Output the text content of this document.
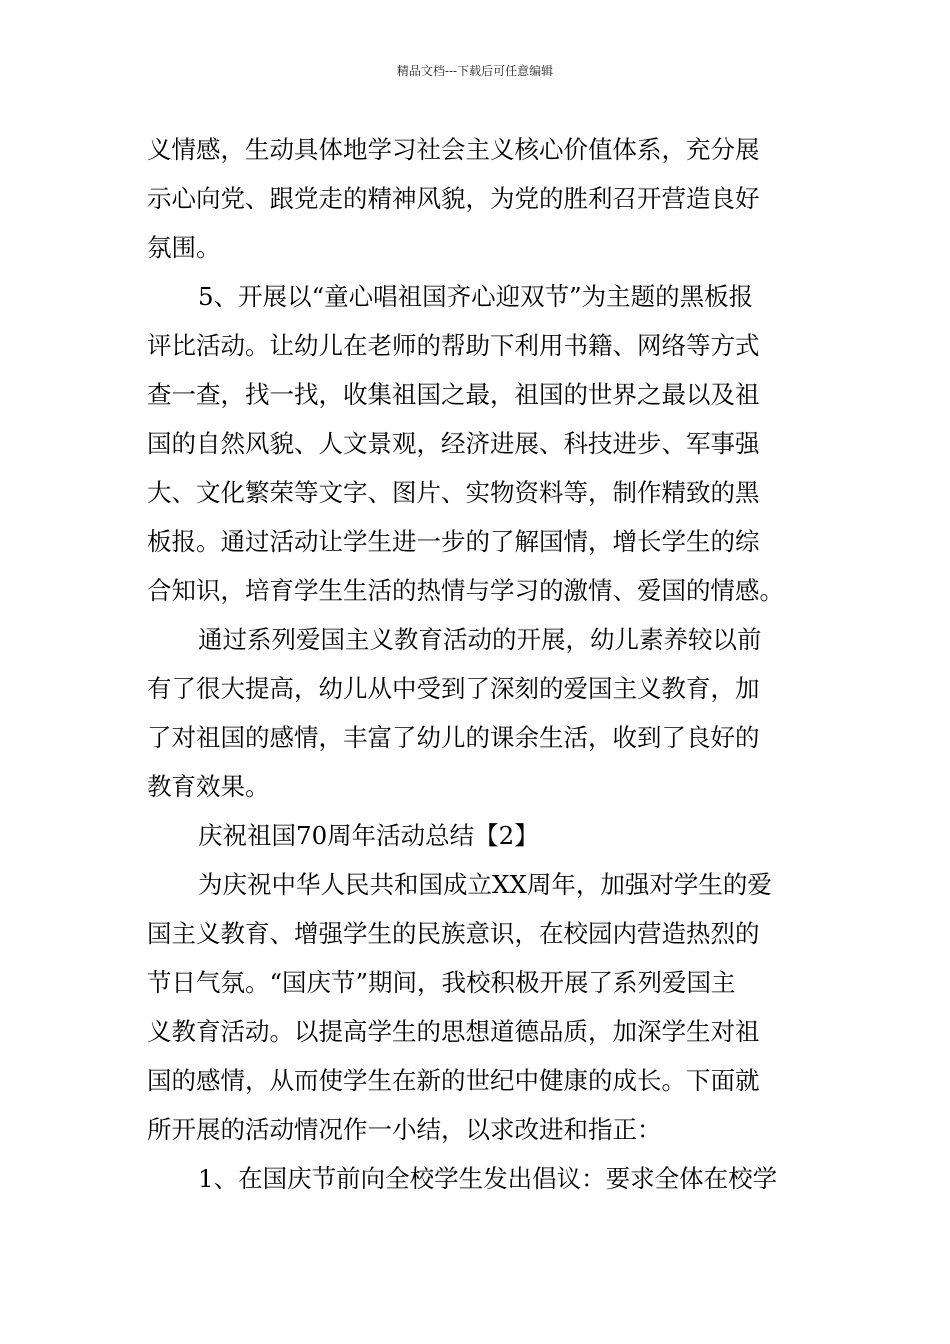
精品文档---下载后可任意编辑
义情感，生动具体地学习社会主义核心价值体系，充分展
示心向党、跟党走的精神风貌，为党的胜利召开营造良好
氛围。
5、开展以“童心唱祖国齐心迎双节”为主题的黑板报
评比活动。让幼儿在老师的帮助下利用书籍、网络等方式
查一查，找一找，收集祖国之最，祖国的世界之最以及祖
国的自然风貌、人文景观，经济进展、科技进步、军事强
大、文化繁荣等文字、图片、实物资料等，制作精致的黑
板报。通过活动让学生进一步的了解国情，增长学生的综
合知识，培育学生生活的热情与学习的激情、爱国的情感。
通过系列爱国主义教育活动的开展，幼儿素养较以前
有了很大提高，幼儿从中受到了深刻的爱国主义教育，加
了对祖国的感情，丰富了幼儿的课余生活，收到了良好的
教育效果。
庆祝祖国70周年活动总结【2】
为庆祝中华人民共和国成立XX周年，加强对学生的爱
国主义教育、增强学生的民族意识，在校园内营造热烈的
节日气氛。“国庆节”期间，我校积极开展了系列爱国主
义教育活动。以提高学生的思想道德品质，加深学生对祖
国的感情，从而使学生在新的世纪中健康的成长。下面就
所开展的活动情况作一小结，以求改进和指正：
1、在国庆节前向全校学生发出倡议：要求全体在校学
